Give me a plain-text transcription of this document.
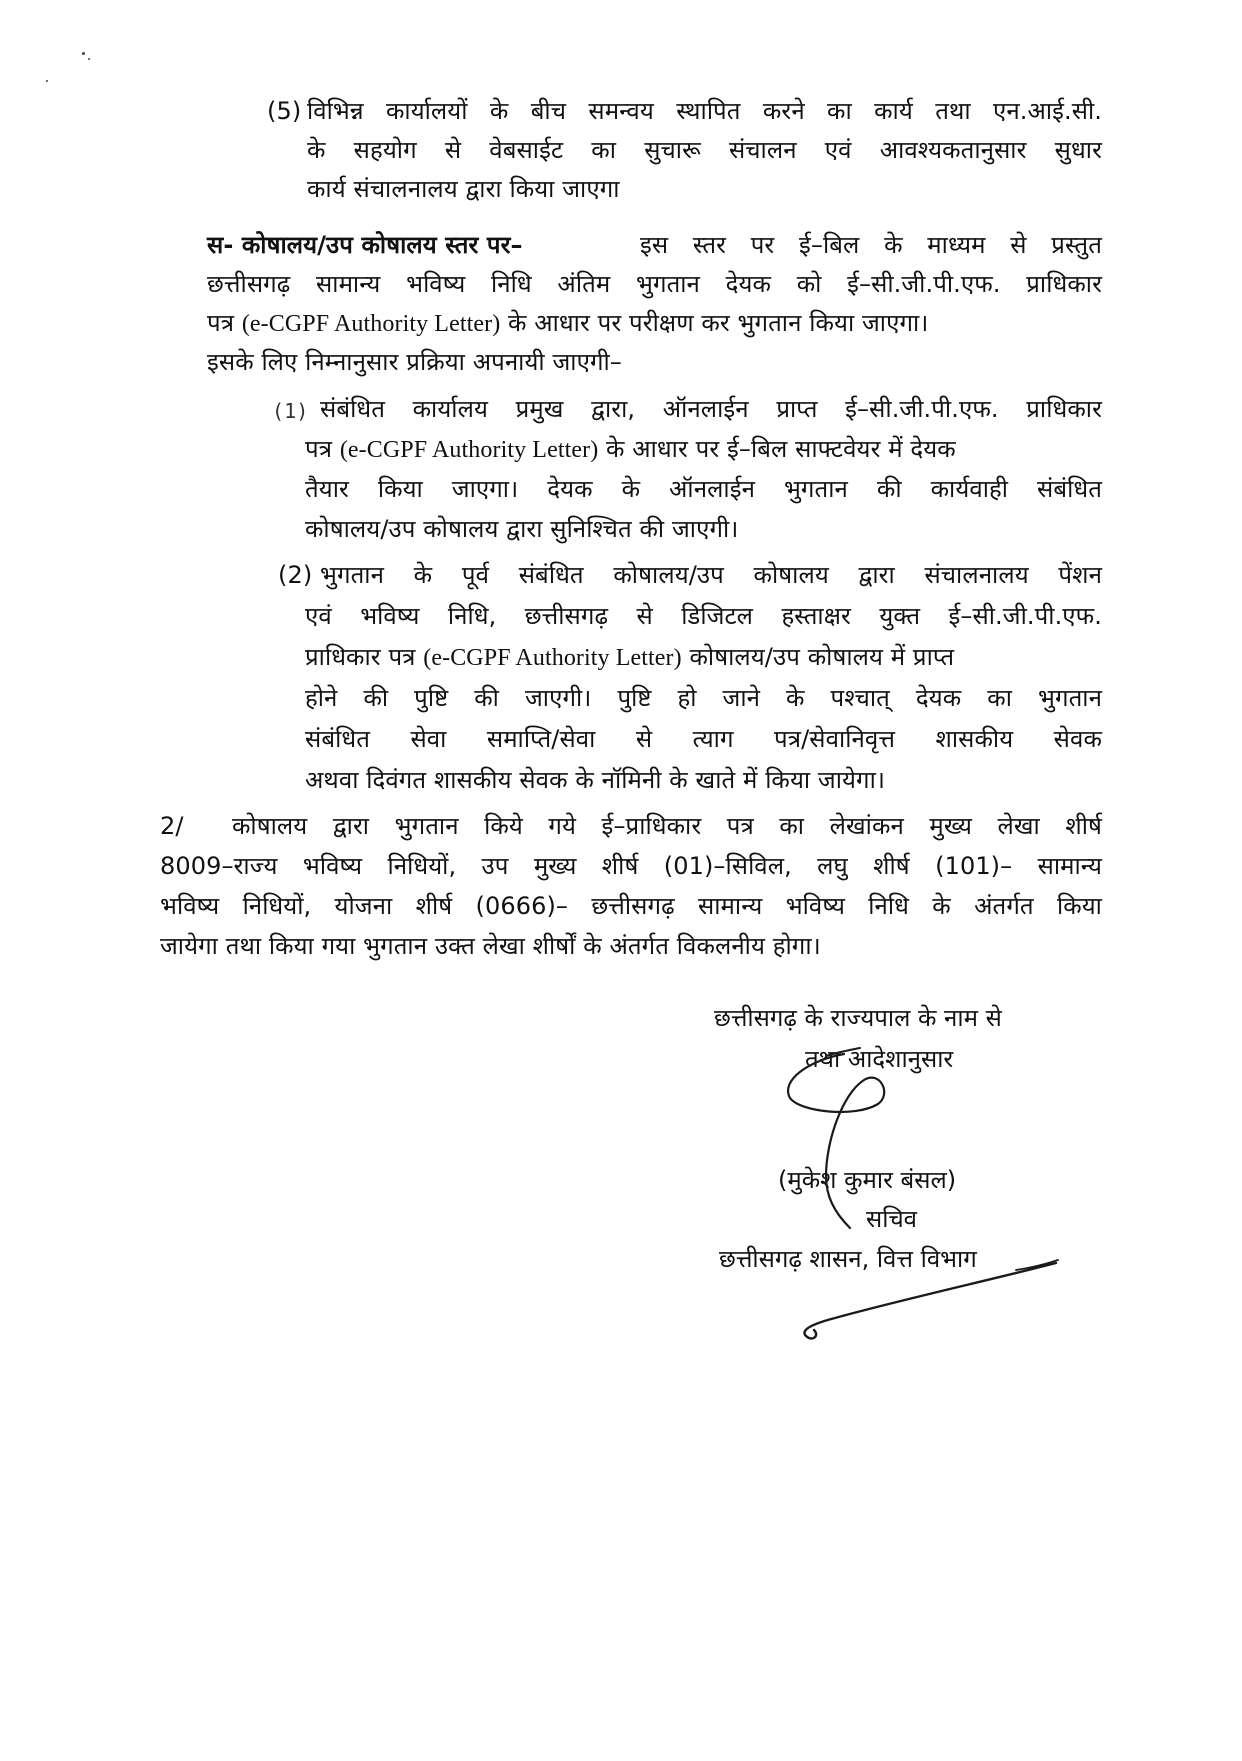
(5) विभिन्न कार्यालयों के बीच समन्वय स्थापित करने का कार्य तथा एन.आई.सी.
के सहयोग से वेबसाईट का सुचारू संचालन एवं आवश्यकतानुसार सुधार
कार्य संचालनालय द्वारा किया जाएगा
स- कोषालय/उप कोषालय स्तर पर–	इस स्तर पर ई–बिल के माध्यम से प्रस्तुत
छत्तीसगढ़ सामान्य भविष्य निधि अंतिम भुगतान देयक को ई–सी.जी.पी.एफ. प्राधिकार
पत्र (e-CGPF Authority Letter) के आधार पर परीक्षण कर भुगतान किया जाएगा।
इसके लिए निम्नानुसार प्रक्रिया अपनायी जाएगी–
(1) संबंधित कार्यालय प्रमुख द्वारा, ऑनलाईन प्राप्त ई–सी.जी.पी.एफ. प्राधिकार
पत्र (e-CGPF Authority Letter) के आधार पर ई–बिल साफ्टवेयर में देयक
तैयार किया जाएगा। देयक के ऑनलाईन भुगतान की कार्यवाही संबंधित
कोषालय/उप कोषालय द्वारा सुनिश्चित की जाएगी।
(2) भुगतान के पूर्व संबंधित कोषालय/उप कोषालय द्वारा संचालनालय पेंशन
एवं भविष्य निधि, छत्तीसगढ़ से डिजिटल हस्ताक्षर युक्त ई–सी.जी.पी.एफ.
प्राधिकार पत्र (e-CGPF Authority Letter) कोषालय/उप कोषालय में प्राप्त
होने की पुष्टि की जाएगी। पुष्टि हो जाने के पश्चात् देयक का भुगतान
संबंधित सेवा समाप्ति/सेवा से त्याग पत्र/सेवानिवृत्त शासकीय सेवक
अथवा दिवंगत शासकीय सेवक के नॉमिनी के खाते में किया जायेगा।
2/ कोषालय द्वारा भुगतान किये गये ई–प्राधिकार पत्र का लेखांकन मुख्य लेखा शीर्ष
8009–राज्य भविष्य निधियों, उप मुख्य शीर्ष (01)–सिविल, लघु शीर्ष (101)– सामान्य
भविष्य निधियों, योजना शीर्ष (0666)– छत्तीसगढ़ सामान्य भविष्य निधि के अंतर्गत किया
जायेगा तथा किया गया भुगतान उक्त लेखा शीर्षों के अंतर्गत विकलनीय होगा।
छत्तीसगढ़ के राज्यपाल के नाम से
तथा आदेशानुसार
(मुकेश कुमार बंसल)
सचिव
छत्तीसगढ़ शासन, वित्त विभाग
